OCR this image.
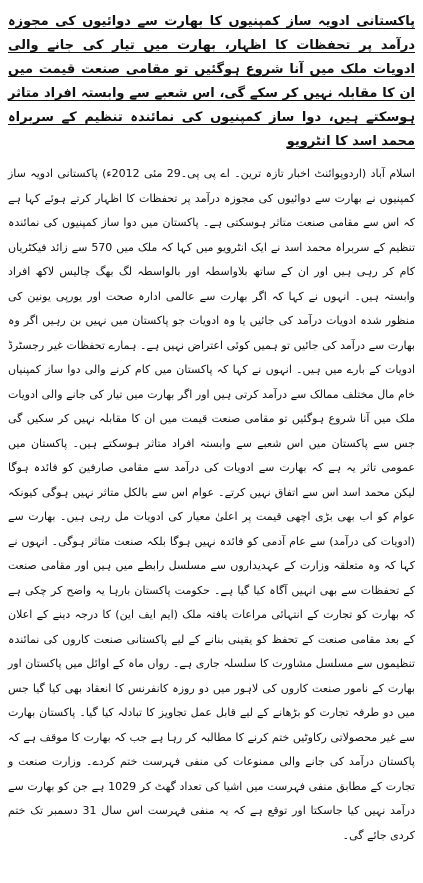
پاکستانی ادویہ ساز کمپنیوں کا بھارت سے دوائیوں کی مجوزہ درآمد پر تحفظات کا اظہار، بھارت میں تیار کی جانے والی ادویات ملک میں آنا شروع ہوگئیں تو مقامی صنعت قیمت میں ان کا مقابلہ نہیں کر سکے گی، اس شعبے سے وابستہ افراد متاثر ہوسکتے ہیں، دوا ساز کمپنیوں کی نمائندہ تنظیم کے سربراہ محمد اسد کا انٹرویو

اسلام آباد (اردوپوائنٹ اخبار تازہ ترین۔ اے پی پی۔29 مئی 2012ء) پاکستانی ادویہ ساز کمپنیوں نے بھارت سے دوائیوں کی مجوزہ درآمد پر تحفظات کا اظہار کرتے ہوئے کہا ہے کہ اس سے مقامی صنعت متاثر ہوسکتی ہے۔ پاکستان میں دوا ساز کمپنیوں کی نمائندہ تنظیم کے سربراہ محمد اسد نے ایک انٹرویو میں کہا کہ ملک میں 570 سے زائد فیکٹریاں کام کر رہی ہیں اور ان کے ساتھ بلاواسطہ اور بالواسطہ لگ بھگ چالیس لاکھ افراد وابستہ ہیں۔ انہوں نے کہا کہ اگر بھارت سے عالمی ادارہ صحت اور یورپی یونین کی منظور شدہ ادویات درآمد کی جائیں یا وہ ادویات جو پاکستان میں نہیں بن رہیں اگر وہ بھارت سے درآمد کی جائیں تو ہمیں کوئی اعتراض نہیں ہے۔ ہمارے تحفظات غیر رجسٹرڈ ادویات کے بارے میں ہیں۔ انہوں نے کہا کہ پاکستان میں کام کرنے والی دوا ساز کمپنیاں خام مال مختلف ممالک سے درآمد کرتی ہیں اور اگر بھارت میں تیار کی جانے والی ادویات ملک میں آنا شروع ہوگئیں تو مقامی صنعت قیمت میں ان کا مقابلہ نہیں کر سکیں گی جس سے پاکستان میں اس شعبے سے وابستہ افراد متاثر ہوسکتے ہیں۔ پاکستان میں عمومی تاثر یہ ہے کہ بھارت سے ادویات کی درآمد سے مقامی صارفین کو فائدہ ہوگا لیکن محمد اسد اس سے اتفاق نہیں کرتے۔ عوام اس سے بالکل متاثر نہیں ہوگی کیونکہ عوام کو اب بھی بڑی اچھی قیمت پر اعلیٰ معیار کی ادویات مل رہی ہیں۔ بھارت سے (ادویات کی درآمد) سے عام آدمی کو فائدہ نہیں ہوگا بلکہ صنعت متاثر ہوگی۔ انہوں نے کہا کہ وہ متعلقہ وزارت کے عہدیداروں سے مسلسل رابطے میں ہیں اور مقامی صنعت کے تحفظات سے بھی انہیں آگاہ کیا گیا ہے۔ حکومت پاکستان بارہا یہ واضح کر چکی ہے کہ بھارت کو تجارت کے انتہائی مراعات یافتہ ملک (ایم ایف این) کا درجہ دینے کے اعلان کے بعد مقامی صنعت کے تحفظ کو یقینی بنانے کے لیے پاکستانی صنعت کاروں کی نمائندہ تنظیموں سے مسلسل مشاورت کا سلسلہ جاری ہے۔ رواں ماہ کے اوائل میں پاکستان اور بھارت کے نامور صنعت کاروں کی لاہور میں دو روزہ کانفرنس کا انعقاد بھی کیا گیا جس میں دو طرفہ تجارت کو بڑھانے کے لیے قابل عمل تجاویز کا تبادلہ کیا گیا۔ پاکستان بھارت سے غیر محصولاتی رکاوٹیں ختم کرنے کا مطالبہ کر رہا ہے جب کہ بھارت کا موقف ہے کہ پاکستان درآمد کی جانے والی ممنوعات کی منفی فہرست ختم کردے۔ وزارت صنعت و تجارت کے مطابق منفی فہرست میں اشیا کی تعداد گھٹ کر 1029 ہے جن کو بھارت سے درآمد نہیں کیا جاسکتا اور توقع ہے کہ یہ منفی فہرست اس سال 31 دسمبر تک ختم کردی جائے گی۔
